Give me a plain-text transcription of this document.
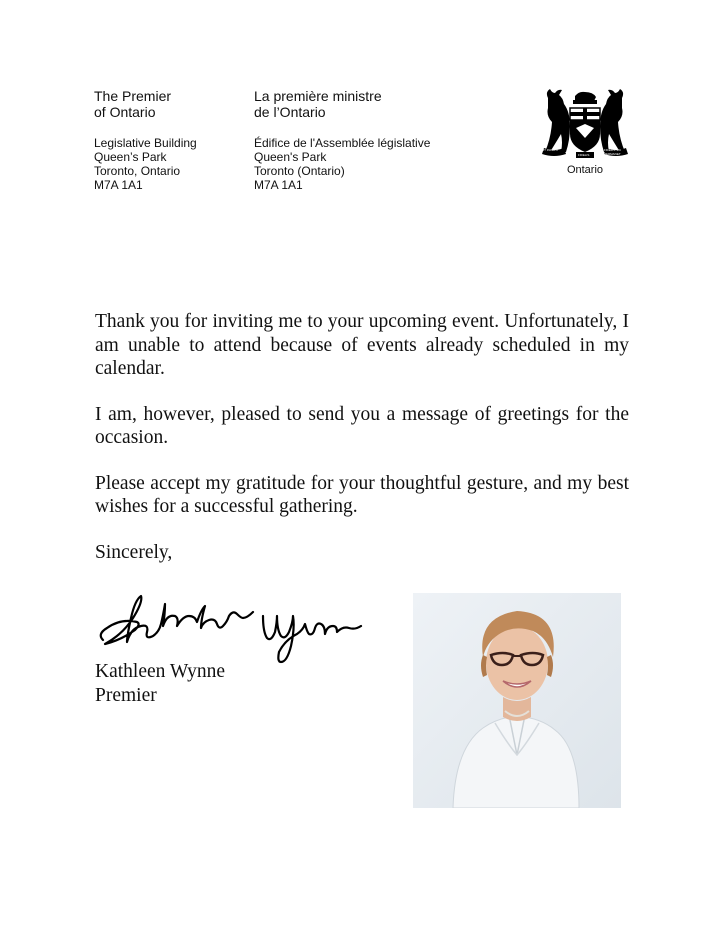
The Premier
of Ontario
Legislative Building
Queen’s Park
Toronto, Ontario
M7A 1A1
La première ministre
de l’Ontario
Édifice de l'Assemblée législative
Queen's Park
Toronto (Ontario)
M7A 1A1
UT INCEPIT	FIDELIS SIC PERMANET
FIDELIS
Ontario

Thank you for inviting me to your upcoming event. Unfortunately, I am unable to attend because of events already scheduled in my calendar.

I am, however, pleased to send you a message of greetings for the occasion.

Please accept my gratitude for your thoughtful gesture, and my best wishes for a successful gathering.

Sincerely,

Kathleen Wynne
Premier
